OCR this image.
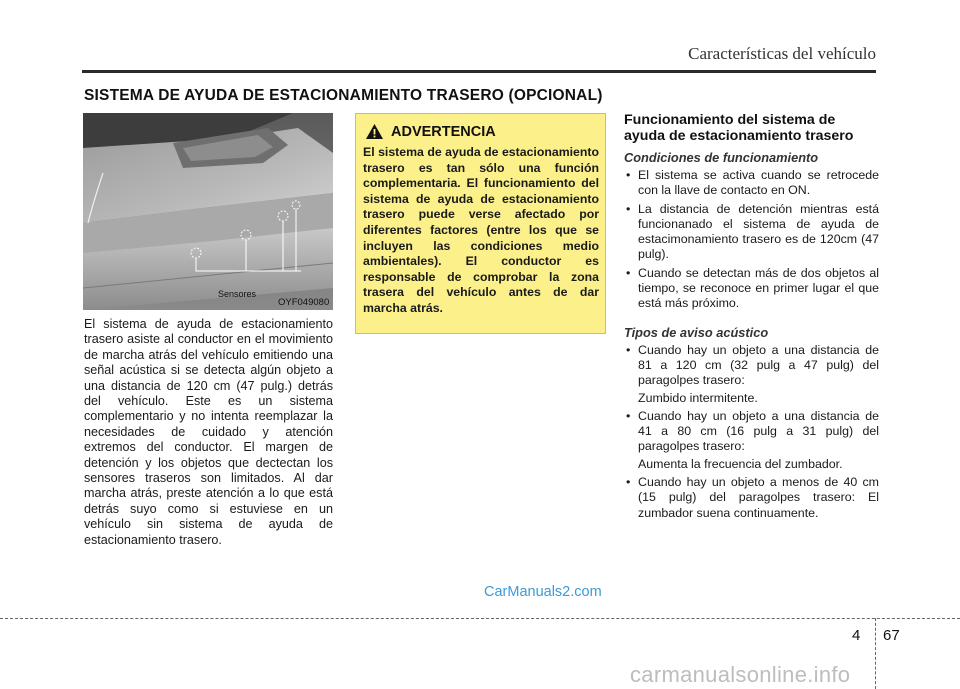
Características del vehículo
SISTEMA DE AYUDA DE ESTACIONAMIENTO TRASERO (OPCIONAL)
Sensores
OYF049080
El sistema de ayuda de estacionamiento trasero asiste al conductor en el movimiento de marcha atrás del vehículo emitiendo una señal acústica si se detecta algún objeto a una distancia de 120 cm (47 pulg.) detrás del vehículo. Este es un sistema complementario y no intenta reemplazar la necesidades de cuidado y atención extremos del conductor. El margen de detención y los objetos que dectectan los sensores traseros son limitados. Al dar marcha atrás, preste atención a lo que está detrás suyo como si estuviese en un vehículo sin sistema de ayuda de estacionamiento trasero.
ADVERTENCIA
El sistema de ayuda de estacionamiento trasero es tan sólo una función complementaria. El funcionamiento del sistema de ayuda de estacionamiento trasero puede verse afectado por diferentes factores (entre los que se incluyen las condiciones medio ambientales). El conductor es responsable de comprobar la zona trasera del vehículo antes de dar marcha atrás.
Funcionamiento del sistema de ayuda de estacionamiento trasero
Condiciones de funcionamiento
• El sistema se activa cuando se retrocede con la llave de contacto en ON.
• La distancia de detención mientras está funcionanado el sistema de ayuda de estacimonamiento trasero es de 120cm (47 pulg).
• Cuando se detectan más de dos objetos al tiempo, se reconoce en primer lugar el que está más próximo.
Tipos de aviso acústico
• Cuando hay un objeto a una distancia de 81 a 120 cm (32 pulg a 47 pulg) del paragolpes trasero:
Zumbido intermitente.
• Cuando hay un objeto a una distancia de 41 a 80 cm (16 pulg a 31 pulg) del paragolpes trasero:
Aumenta la frecuencia del zumbador.
• Cuando hay un objeto a menos de 40 cm (15 pulg) del paragolpes trasero: El zumbador suena continuamente.
CarManuals2.com
4 67
carmanualsonline.info
